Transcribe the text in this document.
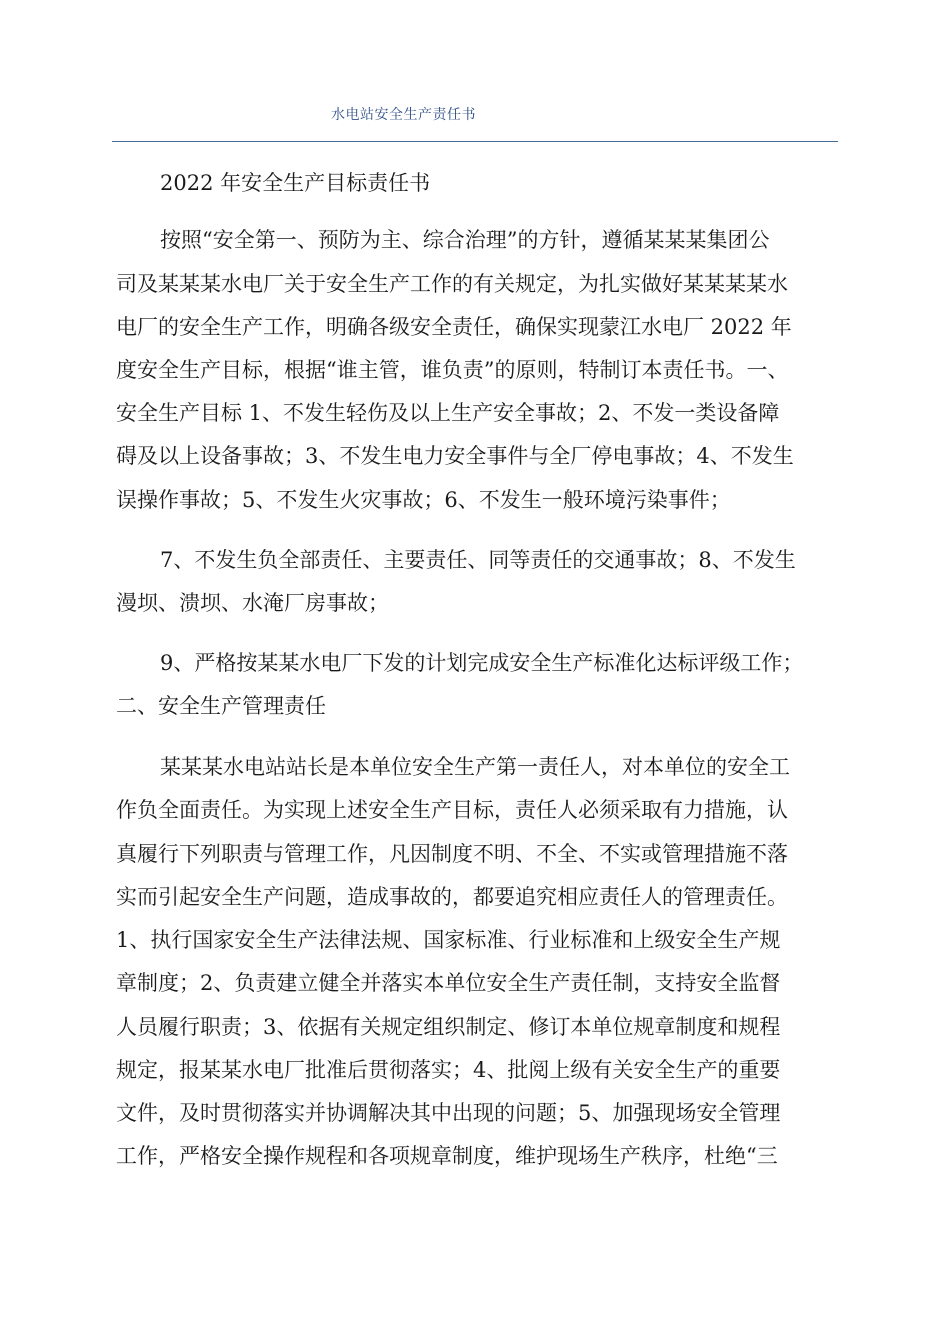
水电站安全生产责任书
2022 年安全生产目标责任书
按照“安全第一、预防为主、综合治理”的方针，遵循某某某集团公
司及某某某水电厂关于安全生产工作的有关规定，为扎实做好某某某某水
电厂的安全生产工作，明确各级安全责任，确保实现蒙江水电厂 2022 年
度安全生产目标，根据“谁主管，谁负责”的原则，特制订本责任书。一、
安全生产目标 1、不发生轻伤及以上生产安全事故；2、不发一类设备障
碍及以上设备事故；3、不发生电力安全事件与全厂停电事故；4、不发生
误操作事故；5、不发生火灾事故；6、不发生一般环境污染事件；
7、不发生负全部责任、主要责任、同等责任的交通事故；8、不发生
漫坝、溃坝、水淹厂房事故；
9、严格按某某水电厂下发的计划完成安全生产标准化达标评级工作；
二、安全生产管理责任
某某某水电站站长是本单位安全生产第一责任人，对本单位的安全工
作负全面责任。为实现上述安全生产目标，责任人必须采取有力措施，认
真履行下列职责与管理工作，凡因制度不明、不全、不实或管理措施不落
实而引起安全生产问题，造成事故的，都要追究相应责任人的管理责任。
1、执行国家安全生产法律法规、国家标准、行业标准和上级安全生产规
章制度；2、负责建立健全并落实本单位安全生产责任制，支持安全监督
人员履行职责；3、依据有关规定组织制定、修订本单位规章制度和规程
规定，报某某水电厂批准后贯彻落实；4、批阅上级有关安全生产的重要
文件，及时贯彻落实并协调解决其中出现的问题；5、加强现场安全管理
工作，严格安全操作规程和各项规章制度，维护现场生产秩序，杜绝“三
